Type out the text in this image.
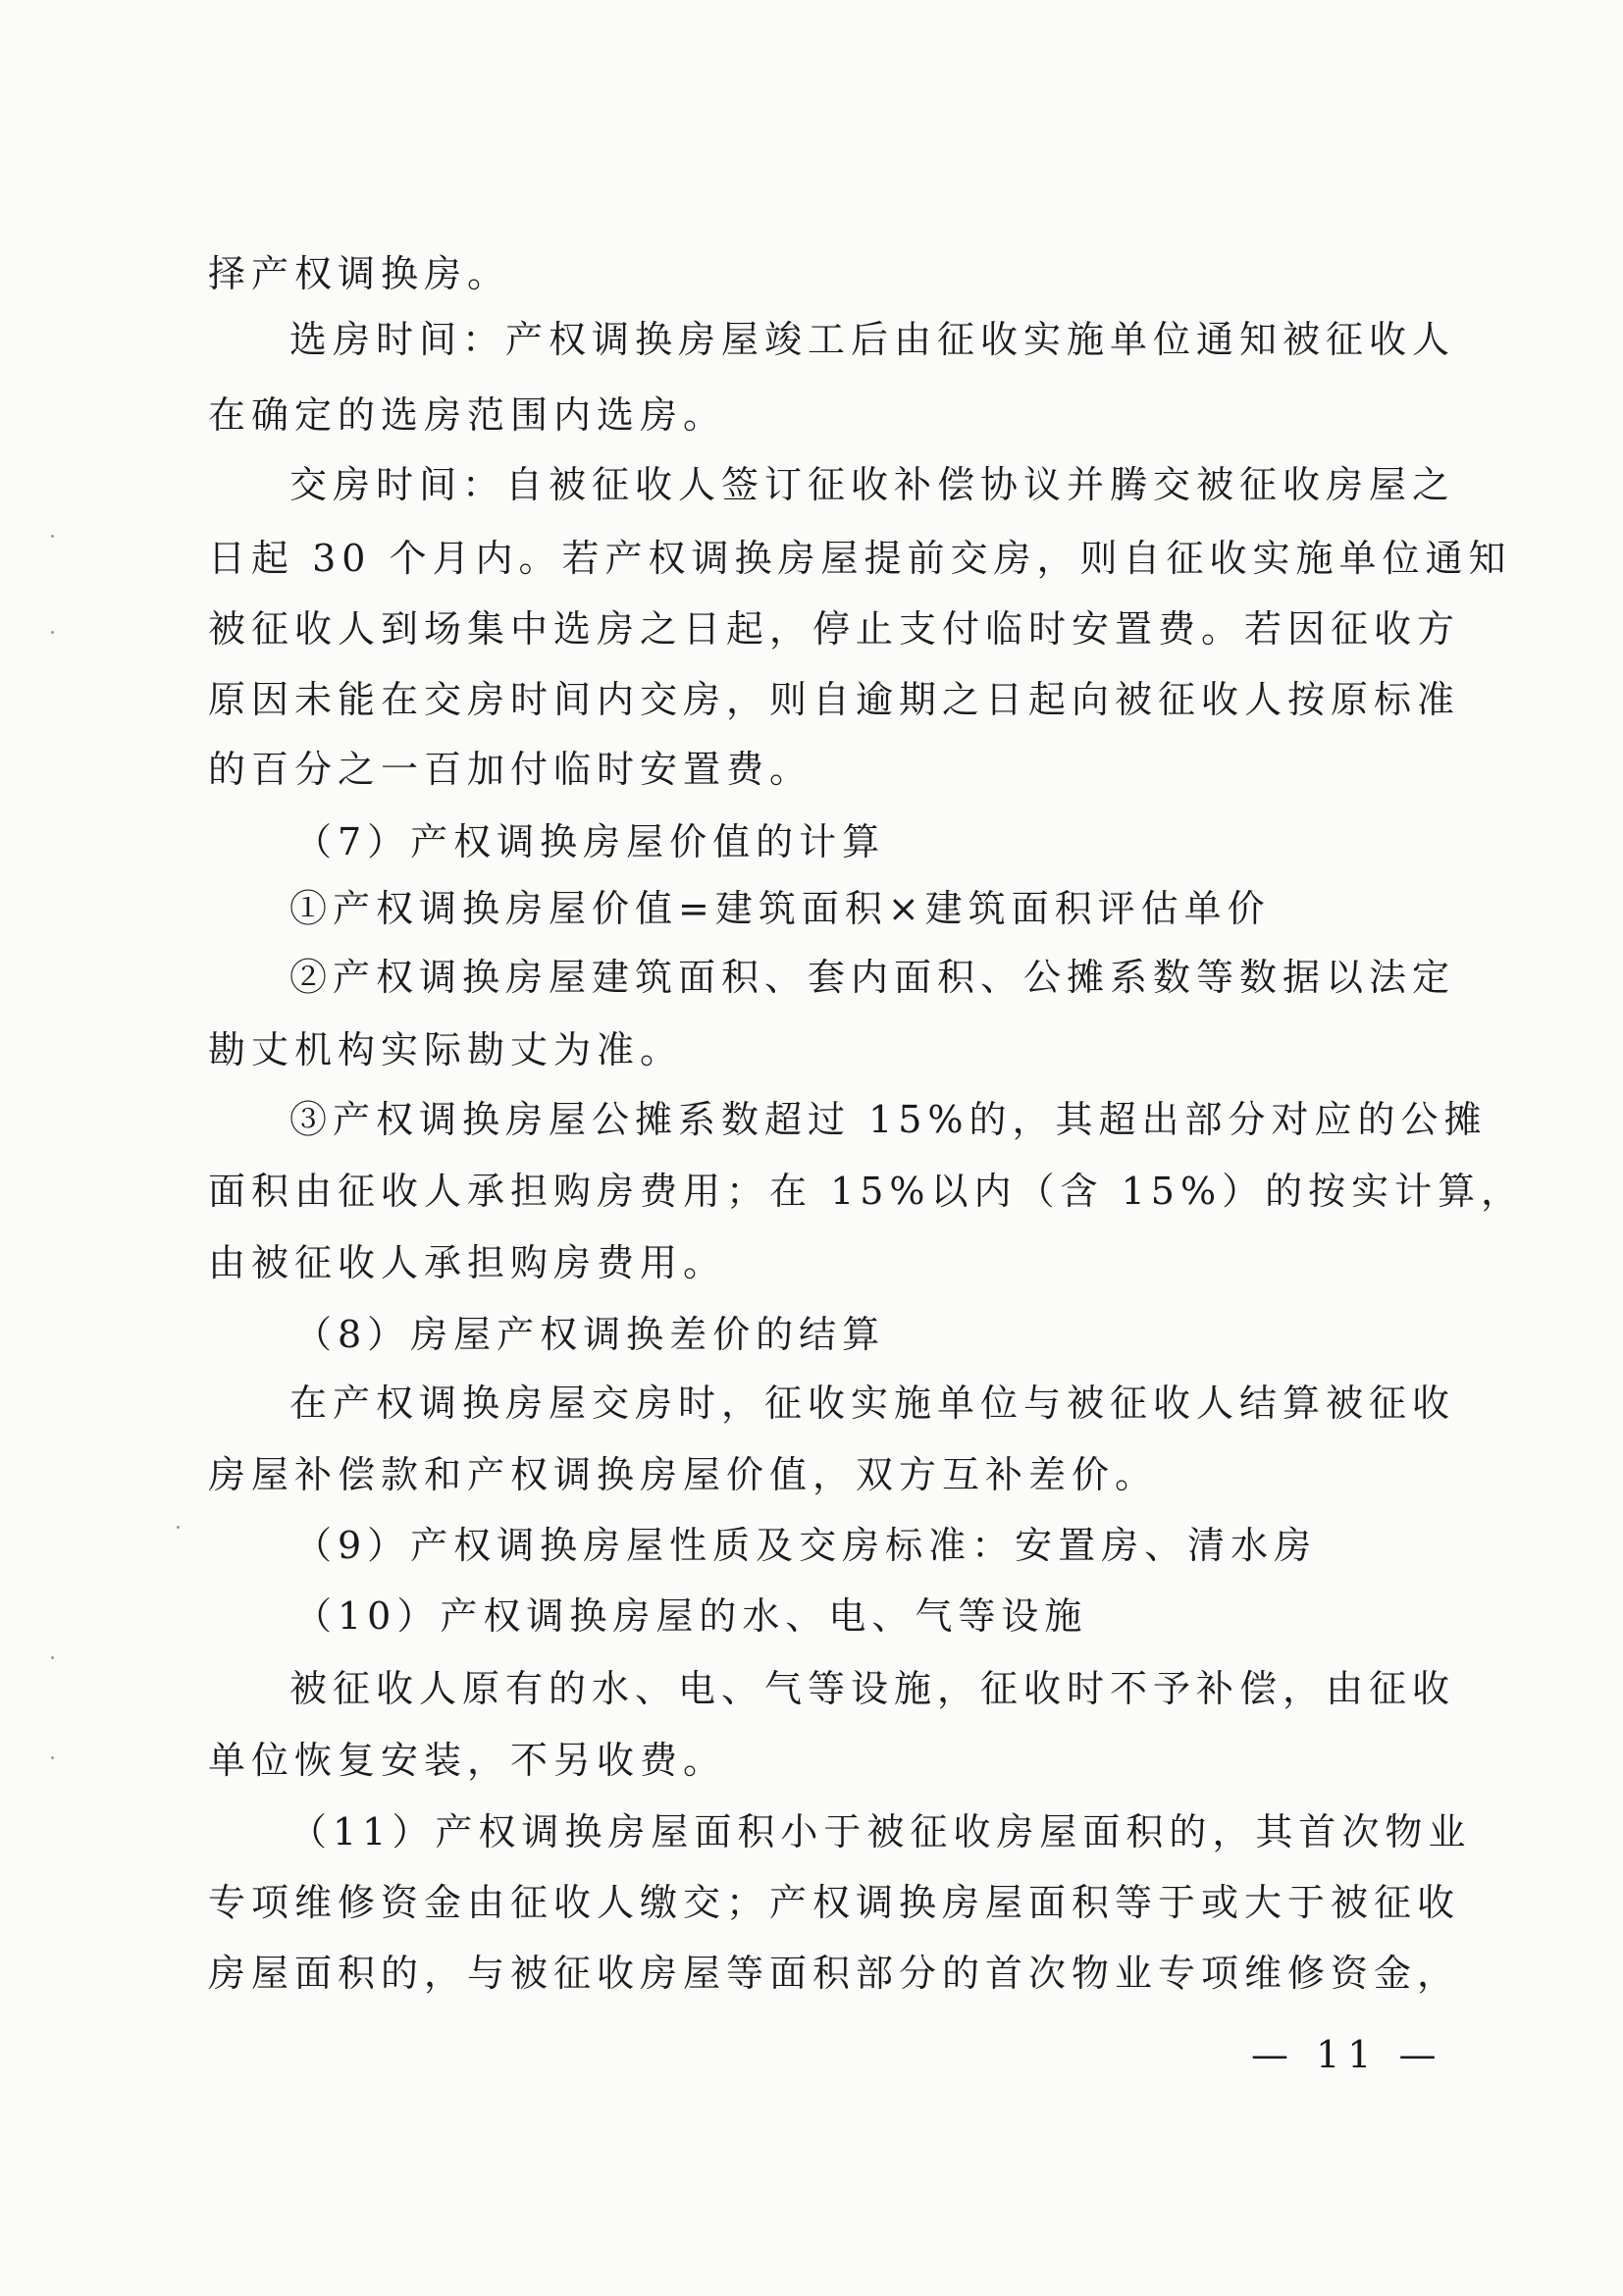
择产权调换房。
选房时间：产权调换房屋竣工后由征收实施单位通知被征收人
在确定的选房范围内选房。
交房时间：自被征收人签订征收补偿协议并腾交被征收房屋之
日起 30 个月内。若产权调换房屋提前交房，则自征收实施单位通知
被征收人到场集中选房之日起，停止支付临时安置费。若因征收方
原因未能在交房时间内交房，则自逾期之日起向被征收人按原标准
的百分之一百加付临时安置费。
（7）产权调换房屋价值的计算
①产权调换房屋价值=建筑面积×建筑面积评估单价
②产权调换房屋建筑面积、套内面积、公摊系数等数据以法定
勘丈机构实际勘丈为准。
③产权调换房屋公摊系数超过 15%的，其超出部分对应的公摊
面积由征收人承担购房费用；在 15%以内（含 15%）的按实计算，
由被征收人承担购房费用。
（8）房屋产权调换差价的结算
在产权调换房屋交房时，征收实施单位与被征收人结算被征收
房屋补偿款和产权调换房屋价值，双方互补差价。
（9）产权调换房屋性质及交房标准：安置房、清水房
（10）产权调换房屋的水、电、气等设施
被征收人原有的水、电、气等设施，征收时不予补偿，由征收
单位恢复安装，不另收费。
（11）产权调换房屋面积小于被征收房屋面积的，其首次物业
专项维修资金由征收人缴交；产权调换房屋面积等于或大于被征收
房屋面积的，与被征收房屋等面积部分的首次物业专项维修资金，
— 11 —
